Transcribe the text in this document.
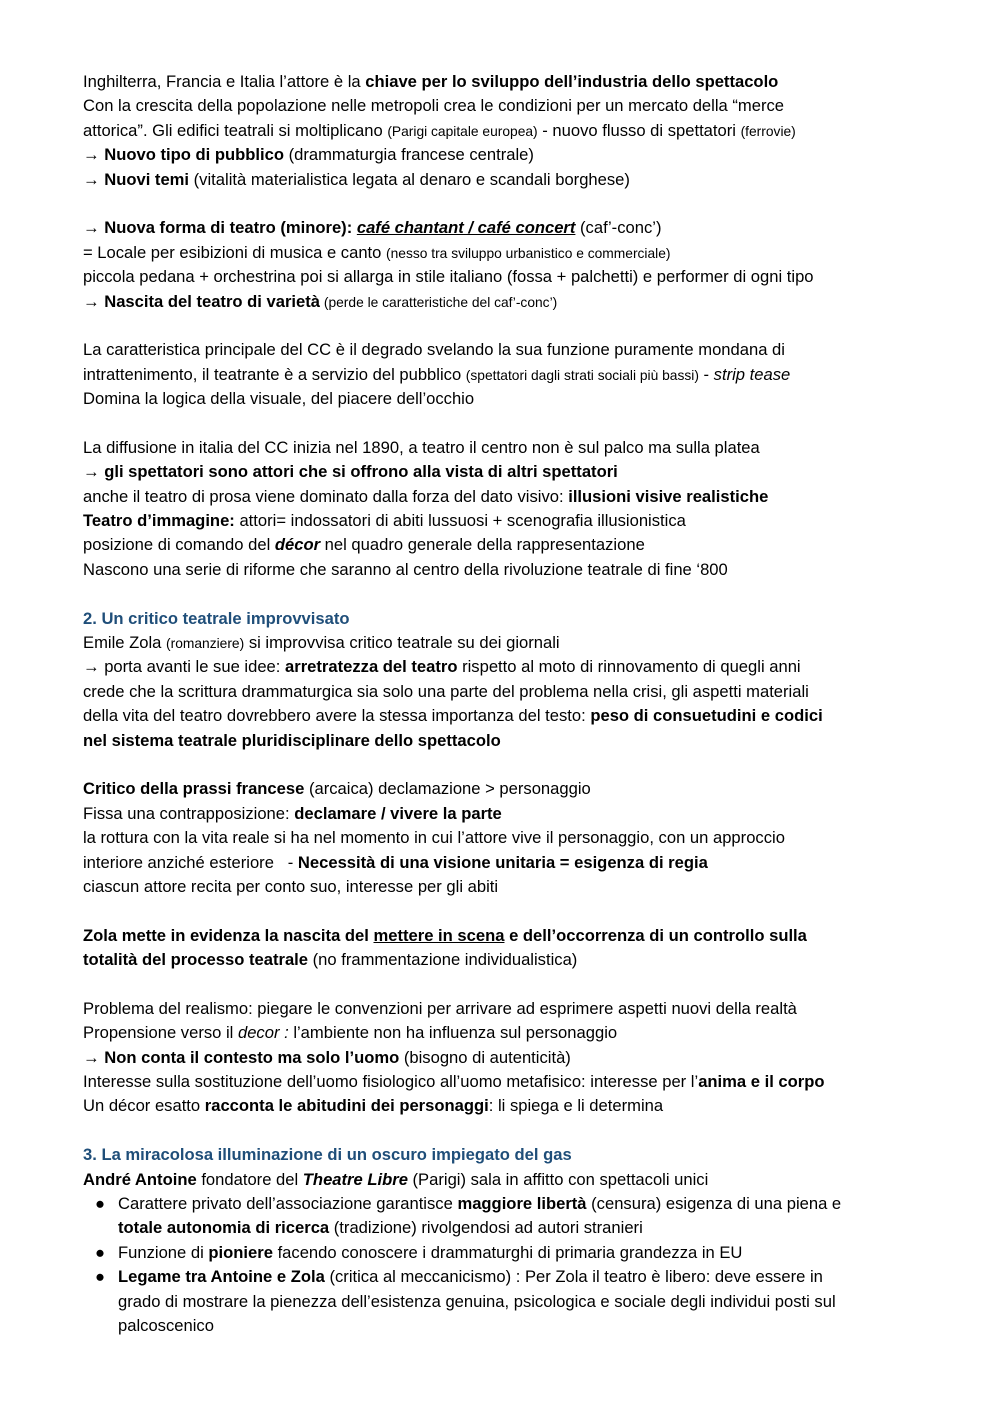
Inghilterra, Francia e Italia l’attore è la chiave per lo sviluppo dell’industria dello spettacolo
Con la crescita della popolazione nelle metropoli crea le condizioni per un mercato della “merce
attorica”. Gli edifici teatrali si moltiplicano (Parigi capitale europea) - nuovo flusso di spettatori (ferrovie)
→ Nuovo tipo di pubblico (drammaturgia francese centrale)
→ Nuovi temi (vitalità materialistica legata al denaro e scandali borghese)
→ Nuova forma di teatro (minore): café chantant / café concert (caf’-conc’)
= Locale per esibizioni di musica e canto (nesso tra sviluppo urbanistico e commerciale)
piccola pedana + orchestrina poi si allarga in stile italiano (fossa + palchetti) e performer di ogni tipo
→ Nascita del teatro di varietà (perde le caratteristiche del caf’-conc’)
La caratteristica principale del CC è il degrado svelando la sua funzione puramente mondana di
intrattenimento, il teatrante è a servizio del pubblico (spettatori dagli strati sociali più bassi) - strip tease
Domina la logica della visuale, del piacere dell’occhio
La diffusione in italia del CC inizia nel 1890, a teatro il centro non è sul palco ma sulla platea
→ gli spettatori sono attori che si offrono alla vista di altri spettatori
anche il teatro di prosa viene dominato dalla forza del dato visivo: illusioni visive realistiche
Teatro d’immagine: attori= indossatori di abiti lussuosi + scenografia illusionistica
posizione di comando del décor nel quadro generale della rappresentazione
Nascono una serie di riforme che saranno al centro della rivoluzione teatrale di fine ‘800
2. Un critico teatrale improvvisato
Emile Zola (romanziere) si improvvisa critico teatrale su dei giornali
→ porta avanti le sue idee: arretratezza del teatro rispetto al moto di rinnovamento di quegli anni
crede che la scrittura drammaturgica sia solo una parte del problema nella crisi, gli aspetti materiali
della vita del teatro dovrebbero avere la stessa importanza del testo: peso di consuetudini e codici
nel sistema teatrale pluridisciplinare dello spettacolo
Critico della prassi francese (arcaica) declamazione > personaggio
Fissa una contrapposizione: declamare / vivere la parte
la rottura con la vita reale si ha nel momento in cui l’attore vive il personaggio, con un approccio
interiore anziché esteriore   - Necessità di una visione unitaria = esigenza di regia
ciascun attore recita per conto suo, interesse per gli abiti
Zola mette in evidenza la nascita del mettere in scena e dell’occorrenza di un controllo sulla
totalità del processo teatrale (no frammentazione individualistica)
Problema del realismo: piegare le convenzioni per arrivare ad esprimere aspetti nuovi della realtà
Propensione verso il decor : l’ambiente non ha influenza sul personaggio
→ Non conta il contesto ma solo l’uomo (bisogno di autenticità)
Interesse sulla sostituzione dell’uomo fisiologico all’uomo metafisico: interesse per l’anima e il corpo
Un décor esatto racconta le abitudini dei personaggi: li spiega e li determina
3. La miracolosa illuminazione di un oscuro impiegato del gas
André Antoine fondatore del Theatre Libre (Parigi) sala in affitto con spettacoli unici
● Carattere privato dell’associazione garantisce maggiore libertà (censura) esigenza di una piena e
totale autonomia di ricerca (tradizione) rivolgendosi ad autori stranieri
● Funzione di pioniere facendo conoscere i drammaturghi di primaria grandezza in EU
● Legame tra Antoine e Zola (critica al meccanicismo) : Per Zola il teatro è libero: deve essere in
grado di mostrare la pienezza dell’esistenza genuina, psicologica e sociale degli individui posti sul
palcoscenico
